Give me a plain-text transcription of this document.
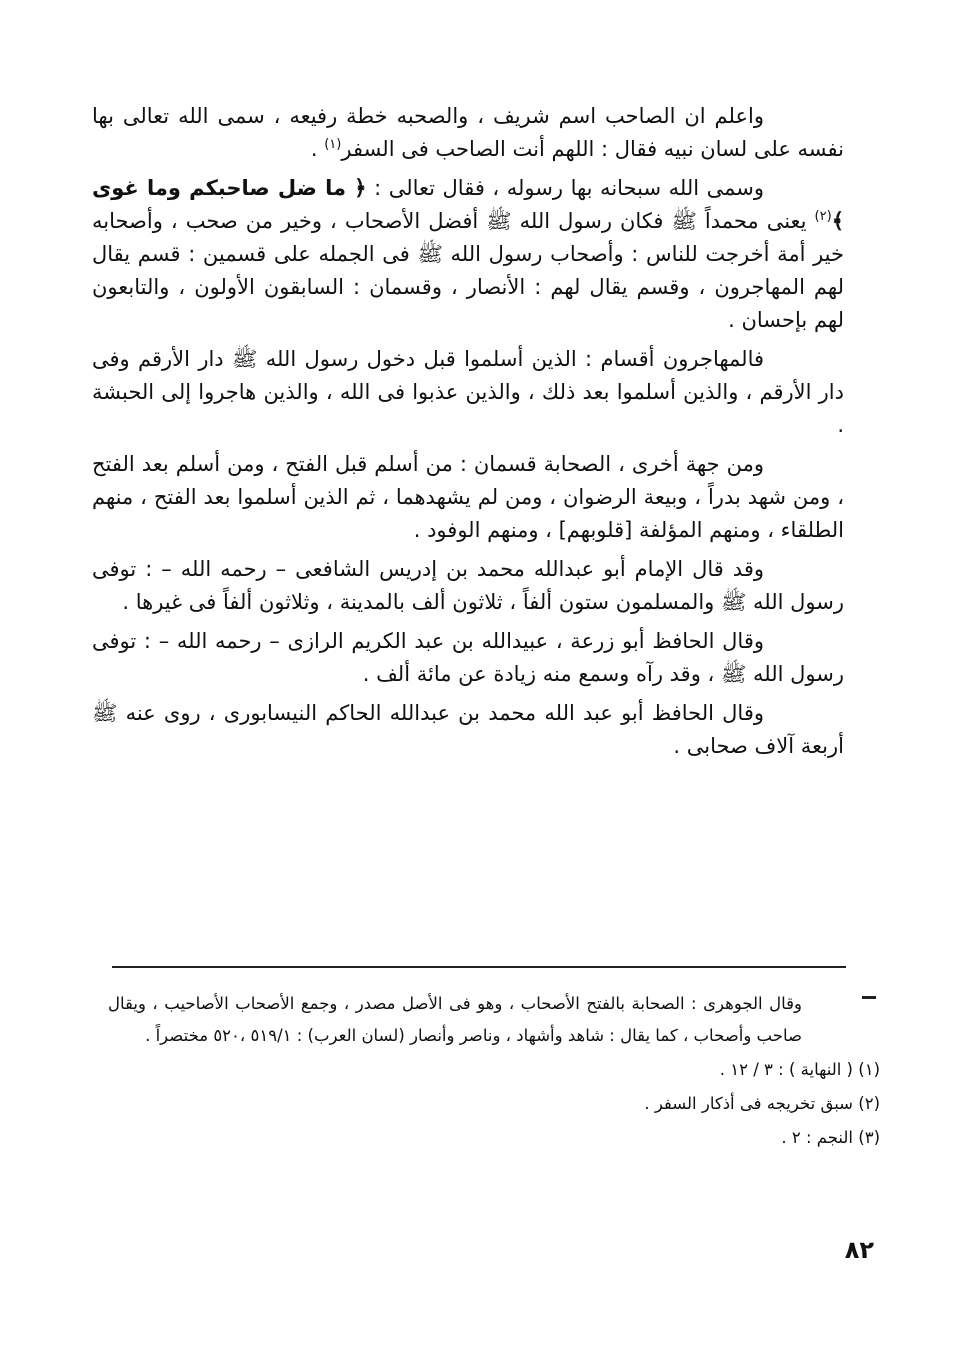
واعلم ان الصاحب اسم شريف ، والصحبه خطة رفيعه ، سمى الله تعالى بها نفسه على لسان نبيه فقال : اللهم أنت الصاحب فى السفر$^{(١)}$ .

وسمى الله سبحانه بها رسوله ، فقال تعالى : ﴿ ما ضل صاحبكم وما غوى ﴾$^{(٢)}$ يعنى محمداً ﷺ فكان رسول الله ﷺ أفضل الأصحاب ، وخير من صحب ، وأصحابه خير أمة أخرجت للناس : وأصحاب رسول الله ﷺ فى الجمله على قسمين : قسم يقال لهم المهاجرون ، وقسم يقال لهم : الأنصار ، وقسمان : السابقون الأولون ، والتابعون لهم بإحسان .

فالمهاجرون أقسام : الذين أسلموا قبل دخول رسول الله ﷺ دار الأرقم وفى دار الأرقم ، والذين أسلموا بعد ذلك ، والذين عذبوا فى الله ، والذين هاجروا إلى الحبشة .

ومن جهة أخرى ، الصحابة قسمان : من أسلم قبل الفتح ، ومن أسلم بعد الفتح ، ومن شهد بدراً ، وبيعة الرضوان ، ومن لم يشهدهما ، ثم الذين أسلموا بعد الفتح ، منهم الطلقاء ، ومنهم المؤلفة [قلوبهم] ، ومنهم الوفود .

وقد قال الإمام أبو عبدالله محمد بن إدريس الشافعى – رحمه الله – : توفى رسول الله ﷺ والمسلمون ستون ألفاً ، ثلاثون ألف بالمدينة ، وثلاثون ألفاً فى غيرها .

وقال الحافظ أبو زرعة ، عبيدالله بن عبد الكريم الرازى – رحمه الله – : توفى رسول الله ﷺ ، وقد رآه وسمع منه زيادة عن مائة ألف .

وقال الحافظ أبو عبد الله محمد بن عبدالله الحاكم النيسابورى ، روى عنه ﷺ أربعة آلاف صحابى .

وقال الجوهرى : الصحابة بالفتح الأصحاب ، وهو فى الأصل مصدر ، وجمع الأصحاب الأصاحيب ، ويقال صاحب وأصحاب ، كما يقال : شاهد وأشهاد ، وناصر وأنصار (لسان العرب) : ٥١٩/١ ،٥٢٠ مختصراً .

(١) ( النهاية ) : ٣ / ١٢ .

(٢) سبق تخريجه فى أذكار السفر .

(٣) النجم : ٢ .

٨٢
